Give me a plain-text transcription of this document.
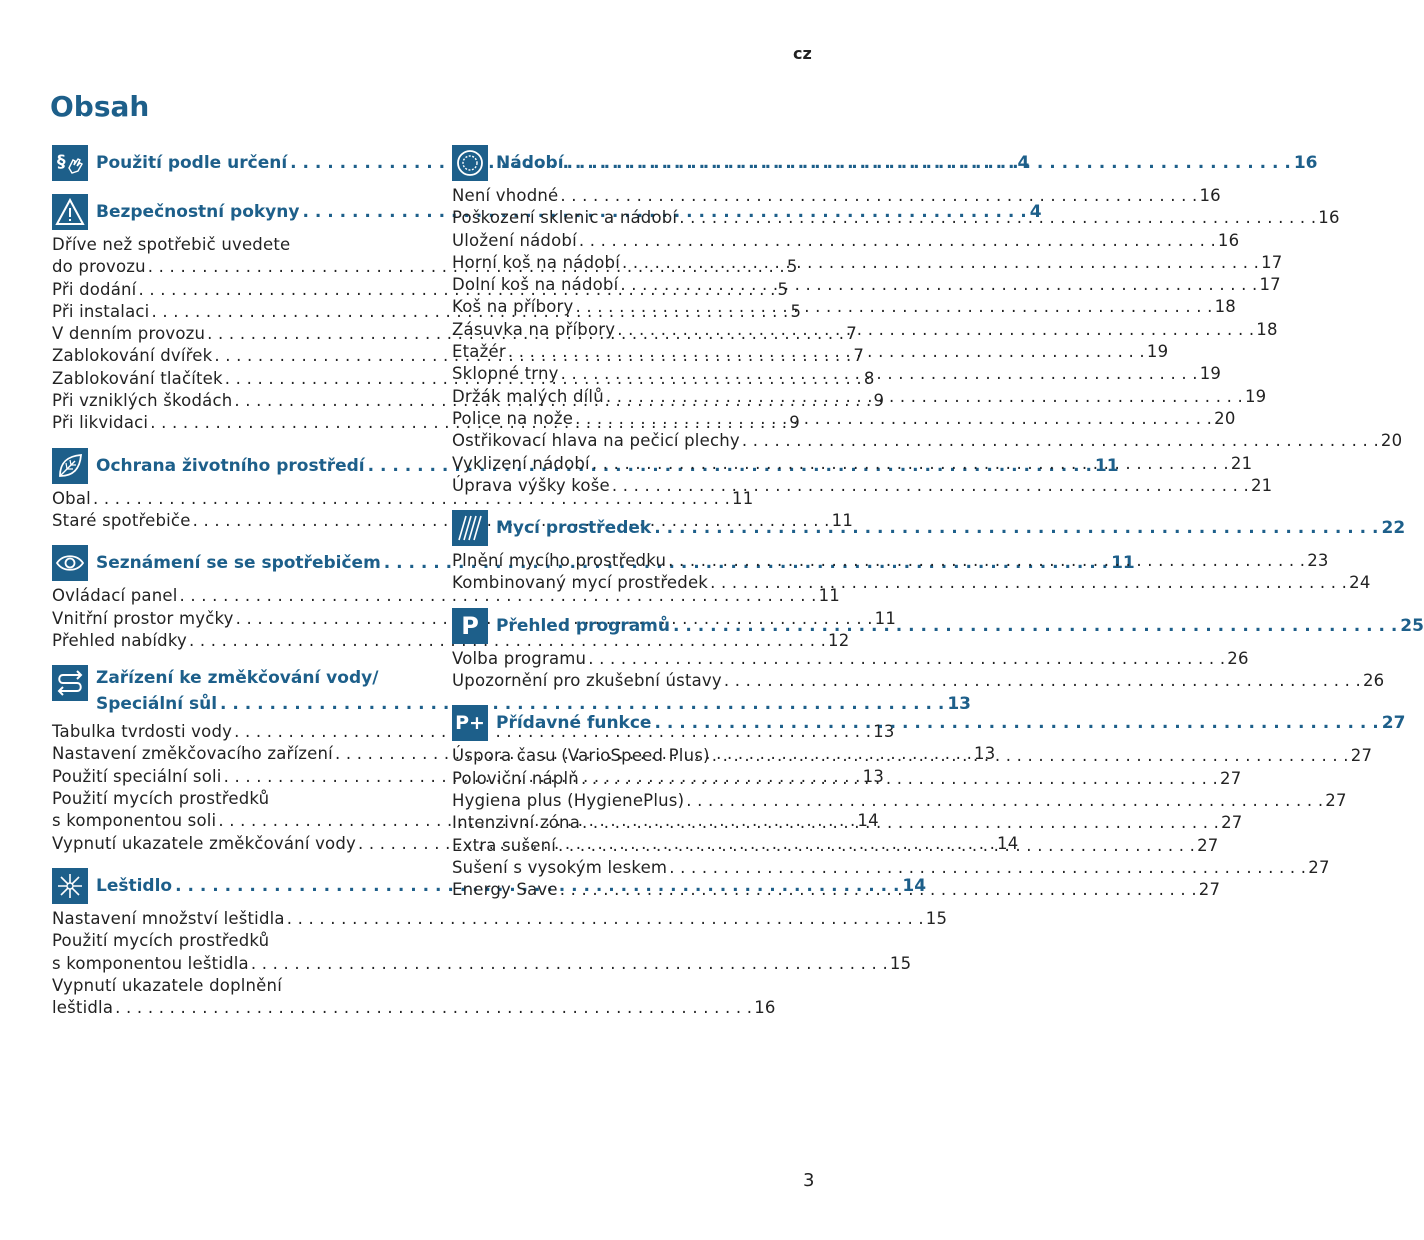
cz
Obsah
§ Použití podle určení . . .	4
Bezpečnostní pokyny . . .	4
Dříve než spotřebič uvedete
do provozu . . .	5
Při dodání . . .	5
Při instalaci . . .	5
V denním provozu . . .	7
Zablokování dvířek . . .	7
Zablokování tlačítek . . .	8
Při vzniklých škodách . . .	9
Při likvidaci . . .	9
Ochrana životního prostředí . . .	11
Obal . . .	11
Staré spotřebiče . . .	11
Seznámení se se spotřebičem . . .	11
Ovládací panel . . .	11
Vnitřní prostor myčky . . .	11
Přehled nabídky . . .	12
Zařízení ke změkčování vody/
Speciální sůl . . .	13
Tabulka tvrdosti vody . . .	13
Nastavení změkčovacího zařízení . . .	13
Použití speciální soli . . .	13
Použití mycích prostředků
s komponentou soli . . .	14
Vypnutí ukazatele změkčování vody . . .	14
Leštidlo . . .	14
Nastavení množství leštidla . . .	15
Použití mycích prostředků
s komponentou leštidla . . .	15
Vypnutí ukazatele doplnění
leštidla . . .	16
Nádobí . . .	16
Není vhodné . . .	16
Poškození sklenic a nádobí . . .	16
Uložení nádobí . . .	16
Horní koš na nádobí . . .	17
Dolní koš na nádobí . . .	17
Koš na příbory . . .	18
Zásuvka na příbory . . .	18
Etažér . . .	19
Sklopné trny . . .	19
Držák malých dílů . . .	19
Police na nože . . .	20
Ostřikovací hlava na pečicí plechy . . .	20
Vyklizení nádobí . . .	21
Úprava výšky koše . . .	21
Mycí prostředek . . .	22
Plnění mycího prostředku . . .	23
Kombinovaný mycí prostředek . . .	24
P Přehled programů . . .	25
Volba programu . . .	26
Upozornění pro zkušební ústavy . . .	26
P+ Přídavné funkce . . .	27
Úspora času (VarioSpeed Plus) . . .	27
Poloviční náplň . . .	27
Hygiena plus (HygienePlus) . . .	27
Intenzivní zóna . . .	27
Extra sušení . . .	27
Sušení s vysokým leskem . . .	27
Energy Save . . .	27
3
